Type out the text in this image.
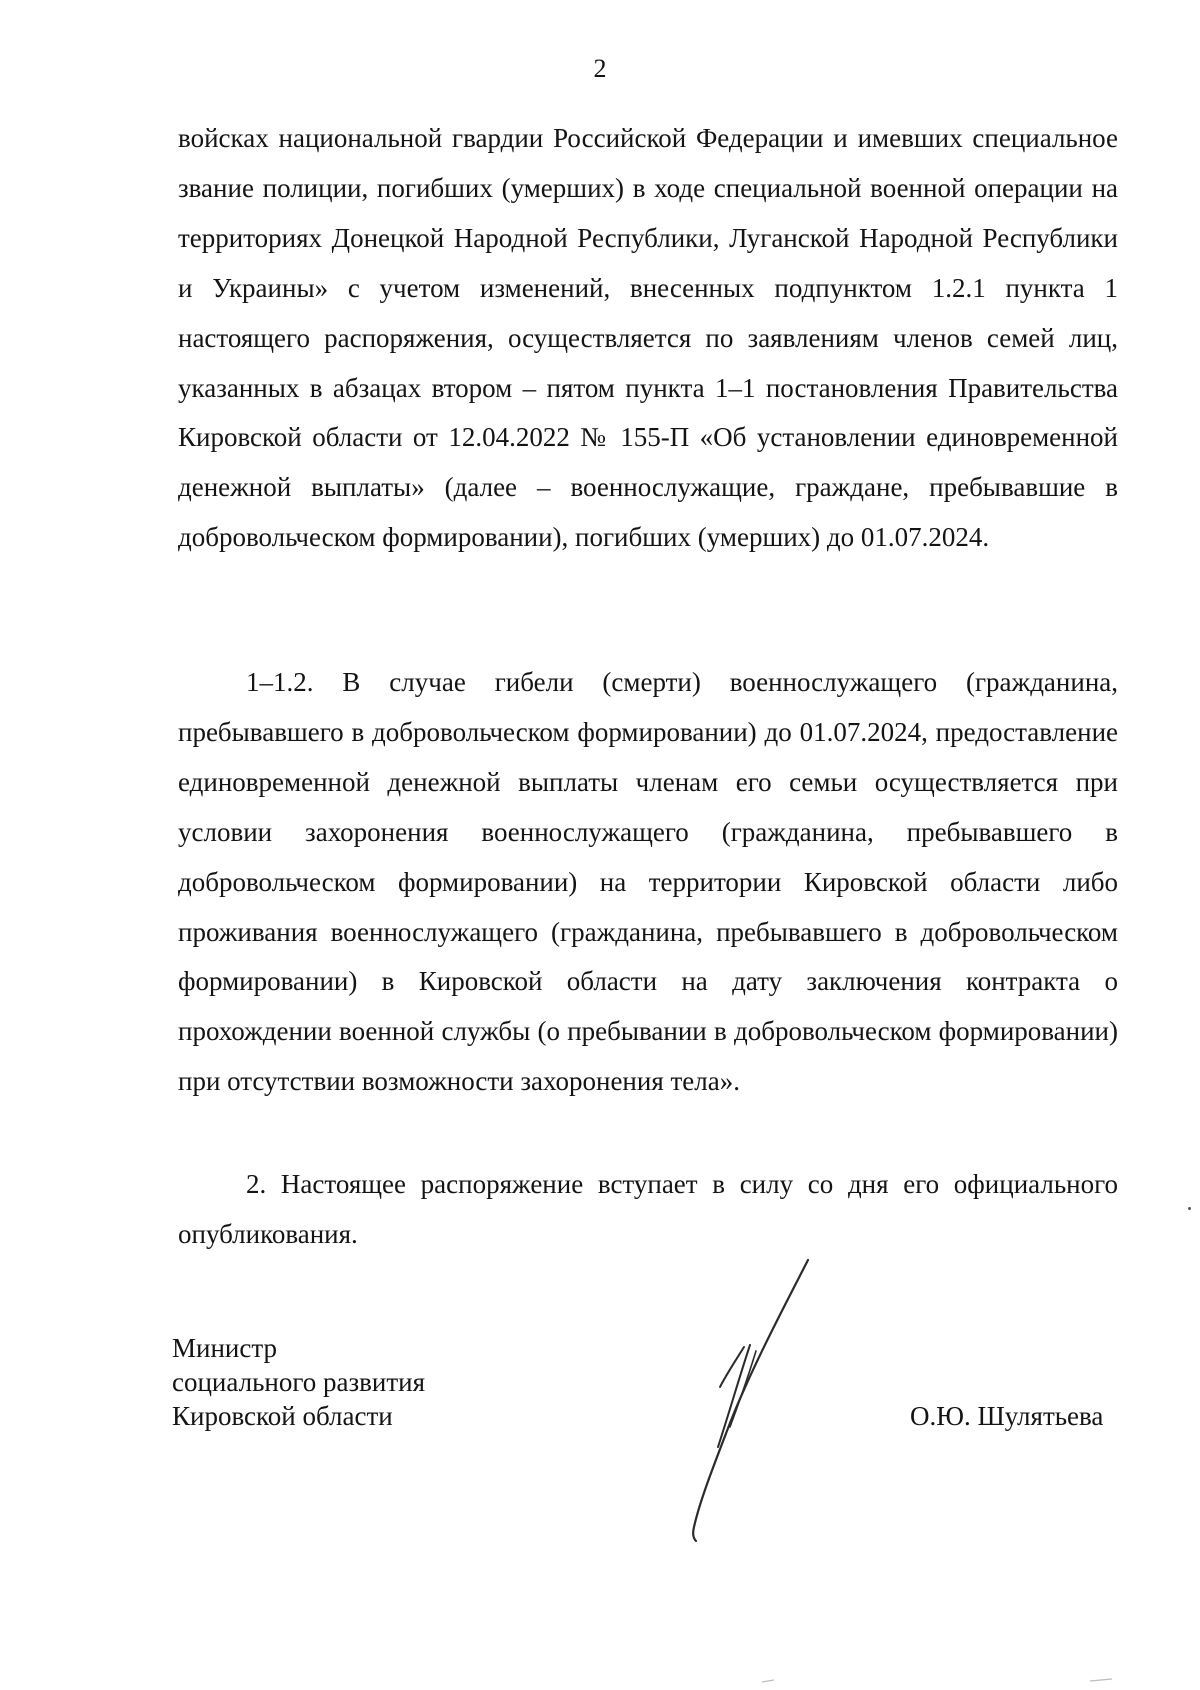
2

войсках национальной гвардии Российской Федерации и имевших специальное звание полиции, погибших (умерших) в ходе специальной военной операции на территориях Донецкой Народной Республики, Луганской Народной Республики и Украины» с учетом изменений, внесенных подпунктом 1.2.1 пункта 1 настоящего распоряжения, осуществляется по заявлениям членов семей лиц, указанных в абзацах втором – пятом пункта 1–1 постановления Правительства Кировской области от 12.04.2022 № 155-П «Об установлении единовременной денежной выплаты» (далее – военнослужащие, граждане, пребывавшие в добровольческом формировании), погибших (умерших) до 01.07.2024.

1–1.2. В случае гибели (смерти) военнослужащего (гражданина, пребывавшего в добровольческом формировании) до 01.07.2024, предоставление единовременной денежной выплаты членам его семьи осуществляется при условии захоронения военнослужащего (гражданина, пребывавшего в добровольческом формировании) на территории Кировской области либо проживания военнослужащего (гражданина, пребывавшего в добровольческом формировании) в Кировской области на дату заключения контракта о прохождении военной службы (о пребывании в добровольческом формировании) при отсутствии возможности захоронения тела».

2. Настоящее распоряжение вступает в силу со дня его официального опубликования.

Министр
социального развития
Кировской области	О.Ю. Шулятьева
